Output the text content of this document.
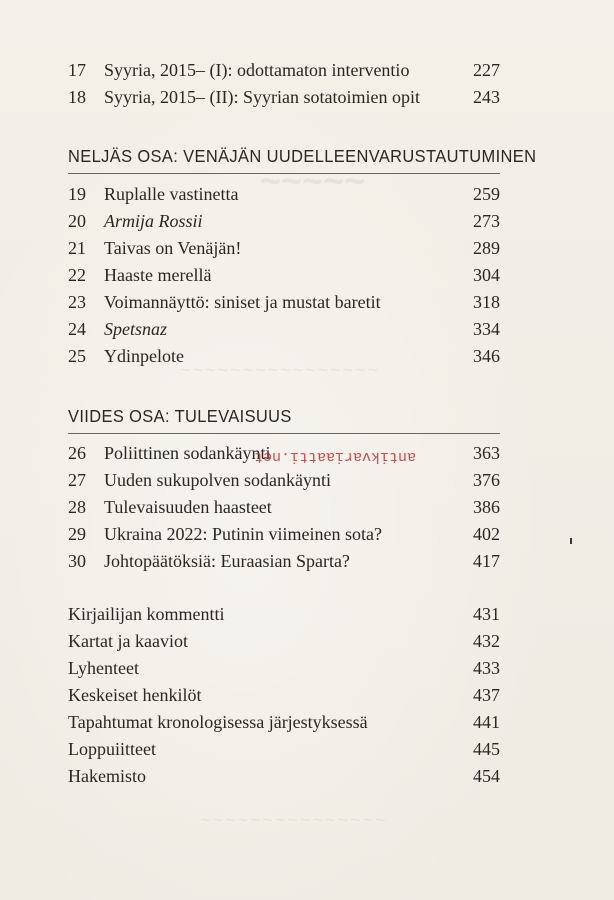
~~~~~
~~~~~~~~~~~~~~~~
~~~~~~~~~~~~~~~
17 Syyria, 2015– (I): odottamaton interventio	227
18 Syyria, 2015– (II): Syyrian sotatoimien opit	243
NELJÄS OSA: VENÄJÄN UUDELLEENVARUSTAUTUMINEN
19 Ruplalle vastinetta	259
20 Armija Rossii	273
21 Taivas on Venäjän!	289
22 Haaste merellä	304
23 Voimannäyttö: siniset ja mustat baretit	318
24 Spetsnaz	334
25 Ydinpelote	346
VIIDES OSA: TULEVAISUUS
26 Poliittinen sodankäynti	363
27 Uuden sukupolven sodankäynti	376
28 Tulevaisuuden haasteet	386
29 Ukraina 2022: Putinin viimeinen sota?	402
30 Johtopäätöksiä: Euraasian Sparta?	417
Kirjailijan kommentti	431
Kartat ja kaaviot	432
Lyhenteet	433
Keskeiset henkilöt	437
Tapahtumat kronologisessa järjestyksessä	441
Loppuiitteet	445
Hakemisto	454
antikvariaatti.net
